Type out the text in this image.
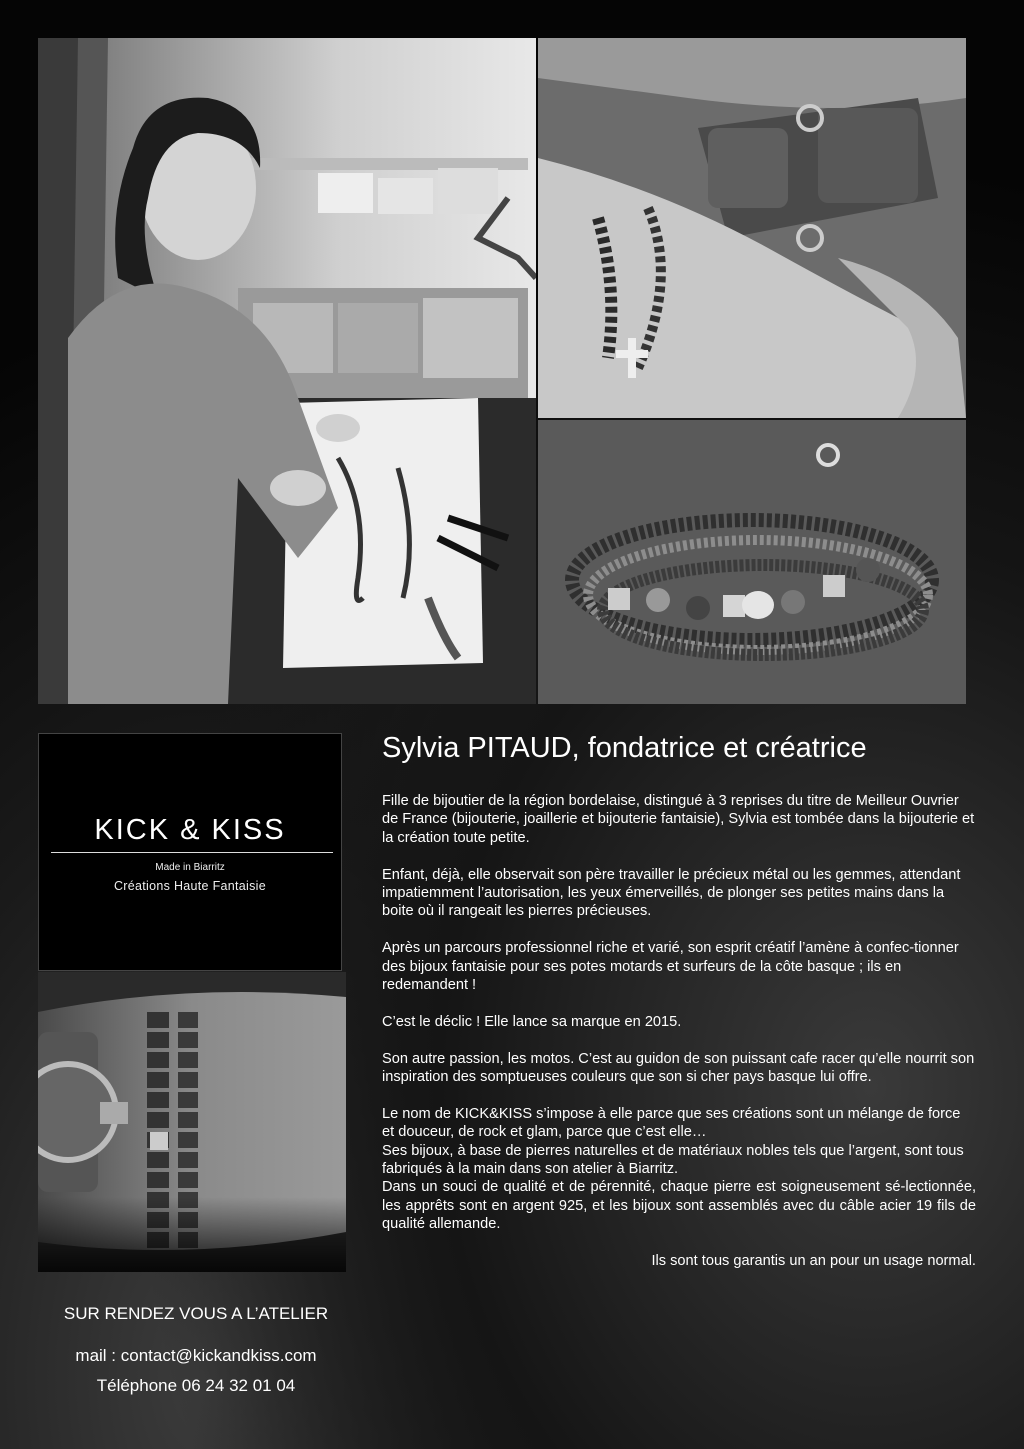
KICK & KISS
Made in Biarritz
Créations Haute Fantaisie
Sylvia PITAUD, fondatrice et créatrice

Fille de bijoutier de la région bordelaise, distingué à 3 reprises du titre de Meilleur Ouvrier de France (bijouterie, joaillerie et bijouterie fantaisie), Sylvia est tombée dans la bijouterie et la création toute petite.

Enfant, déjà, elle observait son père travailler le précieux métal ou les gemmes, attendant impatiemment l’autorisation, les yeux émerveillés, de plonger ses petites mains dans la boite où il rangeait les pierres précieuses.

Après un parcours professionnel riche et varié, son esprit créatif l’amène à confec-tionner des bijoux fantaisie pour ses potes motards et surfeurs de la côte basque ; ils en redemandent !

C’est le déclic ! Elle lance sa marque en 2015.

Son autre passion, les motos. C’est au guidon de son puissant cafe racer qu’elle nourrit son inspiration des somptueuses couleurs que son si cher pays basque lui offre.

Le nom de KICK&KISS s’impose à elle parce que ses créations sont un mélange de force et douceur, de rock et glam, parce que c’est elle…

Ses bijoux, à base de pierres naturelles et de matériaux nobles tels que l’argent, sont tous fabriqués à la main dans son atelier à Biarritz.

Dans un souci de qualité et de pérennité, chaque pierre est soigneusement sé-lectionnée, les apprêts sont en argent 925, et les bijoux sont assemblés avec du câble acier 19 fils de qualité allemande.

Ils sont tous garantis un an pour un usage normal.

SUR RENDEZ VOUS A L’ATELIER
mail : contact@kickandkiss.com
Téléphone 06 24 32 01 04
